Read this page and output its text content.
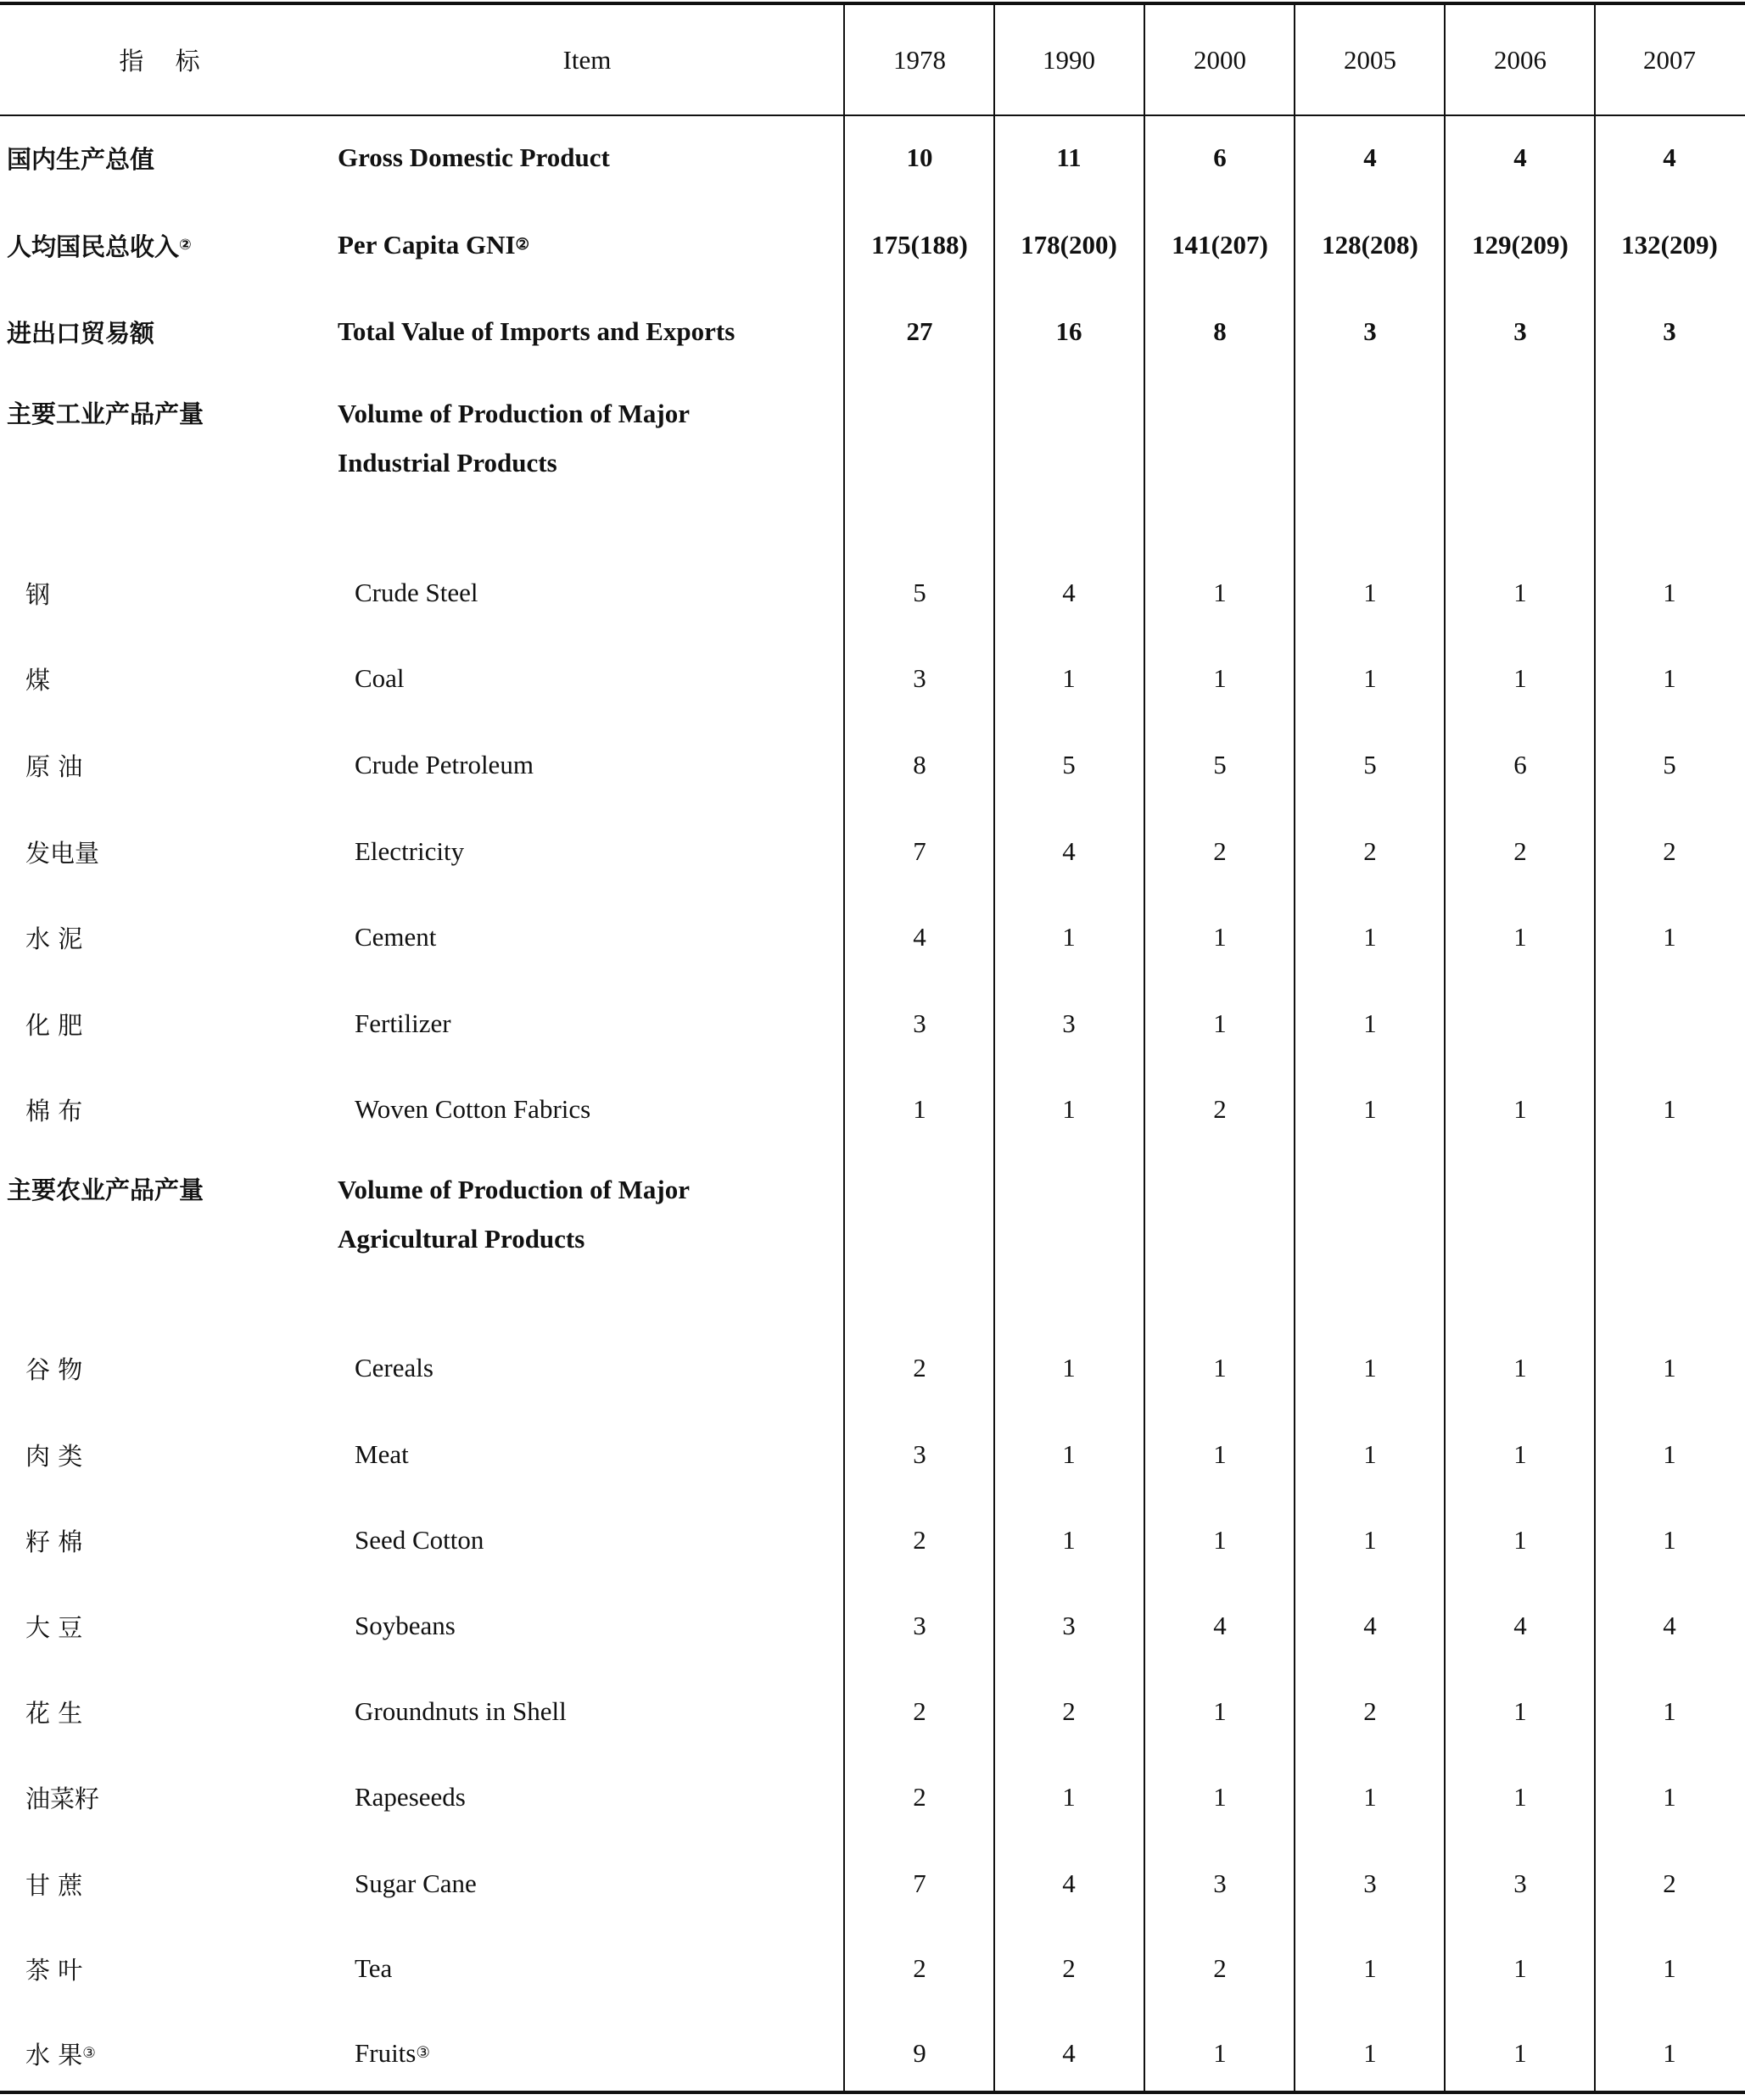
指 标	Item	1978	1990	2000	2005	2006	2007
国内生产总值	Gross Domestic Product	10	11	6	4	4	4
人均国民总收入 ②	Per Capita GNI ②	175(188)	178(200)	141(207)	128(208)	129(209)	132(209)
进出口贸易额	Total Value of Imports and Exports	27	16	8	3	3	3
主要工业产品产量	Volume of Production of Major
Industrial Products
钢	Crude Steel	5	4	1	1	1	1
煤	Coal	3	1	1	1	1	1
原 油	Crude Petroleum	8	5	5	5	6	5
发电量	Electricity	7	4	2	2	2	2
水 泥	Cement	4	1	1	1	1	1
化 肥	Fertilizer	3	3	1	1
棉 布	Woven Cotton Fabrics	1	1	2	1	1	1
主要农业产品产量	Volume of Production of Major
Agricultural Products
谷 物	Cereals	2	1	1	1	1	1
肉 类	Meat	3	1	1	1	1	1
籽 棉	Seed Cotton	2	1	1	1	1	1
大 豆	Soybeans	3	3	4	4	4	4
花 生	Groundnuts in Shell	2	2	1	2	1	1
油菜籽	Rapeseeds	2	1	1	1	1	1
甘 蔗	Sugar Cane	7	4	3	3	3	2
茶 叶	Tea	2	2	2	1	1	1
水 果 ③	Fruits ③	9	4	1	1	1	1
